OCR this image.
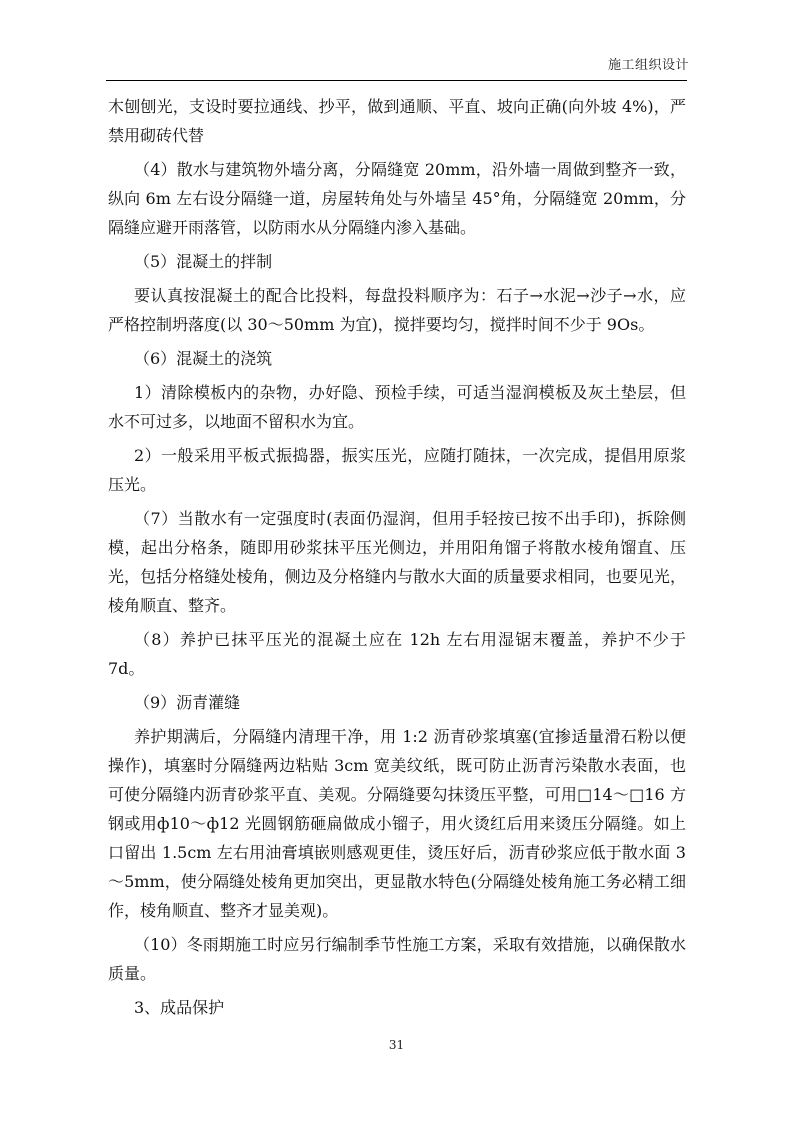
施工组织设计

木刨刨光，支设时要拉通线、抄平，做到通顺、平直、坡向正确(向外坡 4%)，严禁用砌砖代替

（4）散水与建筑物外墙分离，分隔缝宽 20mm，沿外墙一周做到整齐一致，纵向 6m 左右设分隔缝一道，房屋转角处与外墙呈 45°角，分隔缝宽 20mm，分隔缝应避开雨落管，以防雨水从分隔缝内渗入基础。

（5）混凝土的拌制

要认真按混凝土的配合比投料，每盘投料顺序为：石子→水泥→沙子→水，应严格控制坍落度(以 30～50mm 为宜)，搅拌要均匀，搅拌时间不少于 9Os。

（6）混凝土的浇筑

1）清除模板内的杂物，办好隐、预检手续，可适当湿润模板及灰土垫层，但水不可过多，以地面不留积水为宜。

2）一般采用平板式振捣器，振实压光，应随打随抹，一次完成，提倡用原浆压光。

（7）当散水有一定强度时(表面仍湿润，但用手轻按已按不出手印)，拆除侧模，起出分格条，随即用砂浆抹平压光侧边，并用阳角馏子将散水棱角馏直、压光，包括分格缝处棱角，侧边及分格缝内与散水大面的质量要求相同，也要见光，棱角顺直、整齐。

（8）养护已抹平压光的混凝土应在 12h 左右用湿锯末覆盖，养护不少于 7d。

（9）沥青灌缝

养护期满后，分隔缝内清理干净，用 1:2 沥青砂浆填塞(宜掺适量滑石粉以便操作)，填塞时分隔缝两边粘贴 3cm 宽美纹纸，既可防止沥青污染散水表面，也可使分隔缝内沥青砂浆平直、美观。分隔缝要勾抹烫压平整，可用□14～□16 方钢或用ф10～ф12 光圆钢筋砸扁做成小镏子，用火烫红后用来烫压分隔缝。如上口留出 1.5cm 左右用油膏填嵌则感观更佳，烫压好后，沥青砂浆应低于散水面 3～5mm，使分隔缝处棱角更加突出，更显散水特色(分隔缝处棱角施工务必精工细作，棱角顺直、整齐才显美观)。

（10）冬雨期施工时应另行编制季节性施工方案，采取有效措施，以确保散水质量。

3、成品保护

31
